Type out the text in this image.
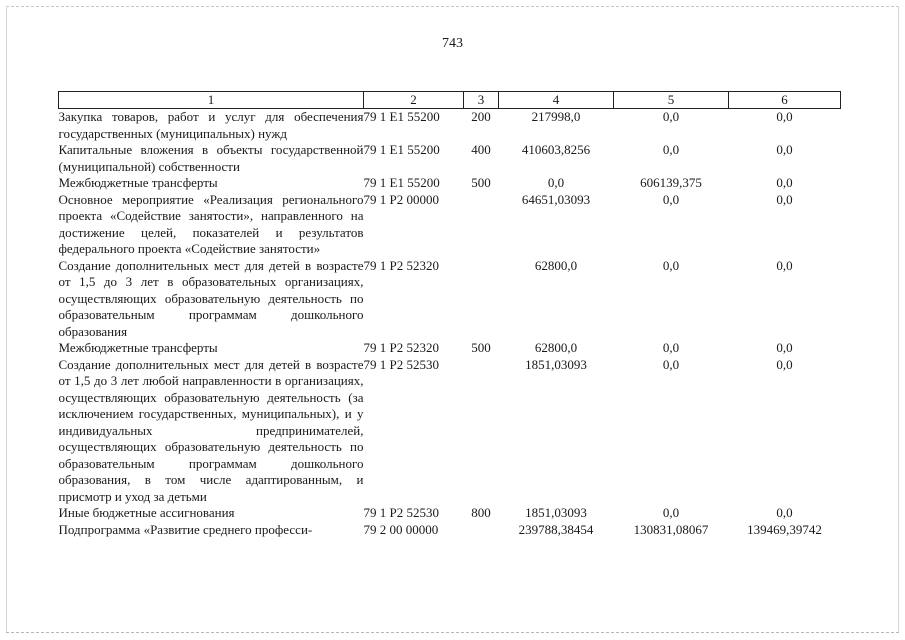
743
1	2	3	4	5	6
Закупка товаров, работ и услуг для обеспечения государственных (муниципальных) нужд	79 1 E1 55200	200	217998,0	0,0	0,0
Капитальные вложения в объекты государственной (муниципальной) собственности	79 1 E1 55200	400	410603,8256	0,0	0,0
Межбюджетные трансферты	79 1 E1 55200	500	0,0	606139,375	0,0
Основное мероприятие «Реализация регионального проекта «Содействие занятости», направленного на достижение целей, показателей и результатов федерального проекта «Содействие занятости»	79 1 P2 00000		64651,03093	0,0	0,0
Создание дополнительных мест для детей в возрасте от 1,5 до 3 лет в образовательных организациях, осуществляющих образовательную деятельность по образовательным программам дошкольного образования	79 1 P2 52320		62800,0	0,0	0,0
Межбюджетные трансферты	79 1 P2 52320	500	62800,0	0,0	0,0
Создание дополнительных мест для детей в возрасте от 1,5 до 3 лет любой направленности в организациях, осуществляющих образовательную деятельность (за исключением государственных, муниципальных), и у индивидуальных предпринимателей, осуществляющих образовательную деятельность по образовательным программам дошкольного образования, в том числе адаптированным, и присмотр и уход за детьми	79 1 P2 52530		1851,03093	0,0	0,0
Иные бюджетные ассигнования	79 1 P2 52530	800	1851,03093	0,0	0,0
Подпрограмма «Развитие среднего професси-	79 2 00 00000		239788,38454	130831,08067	139469,39742
